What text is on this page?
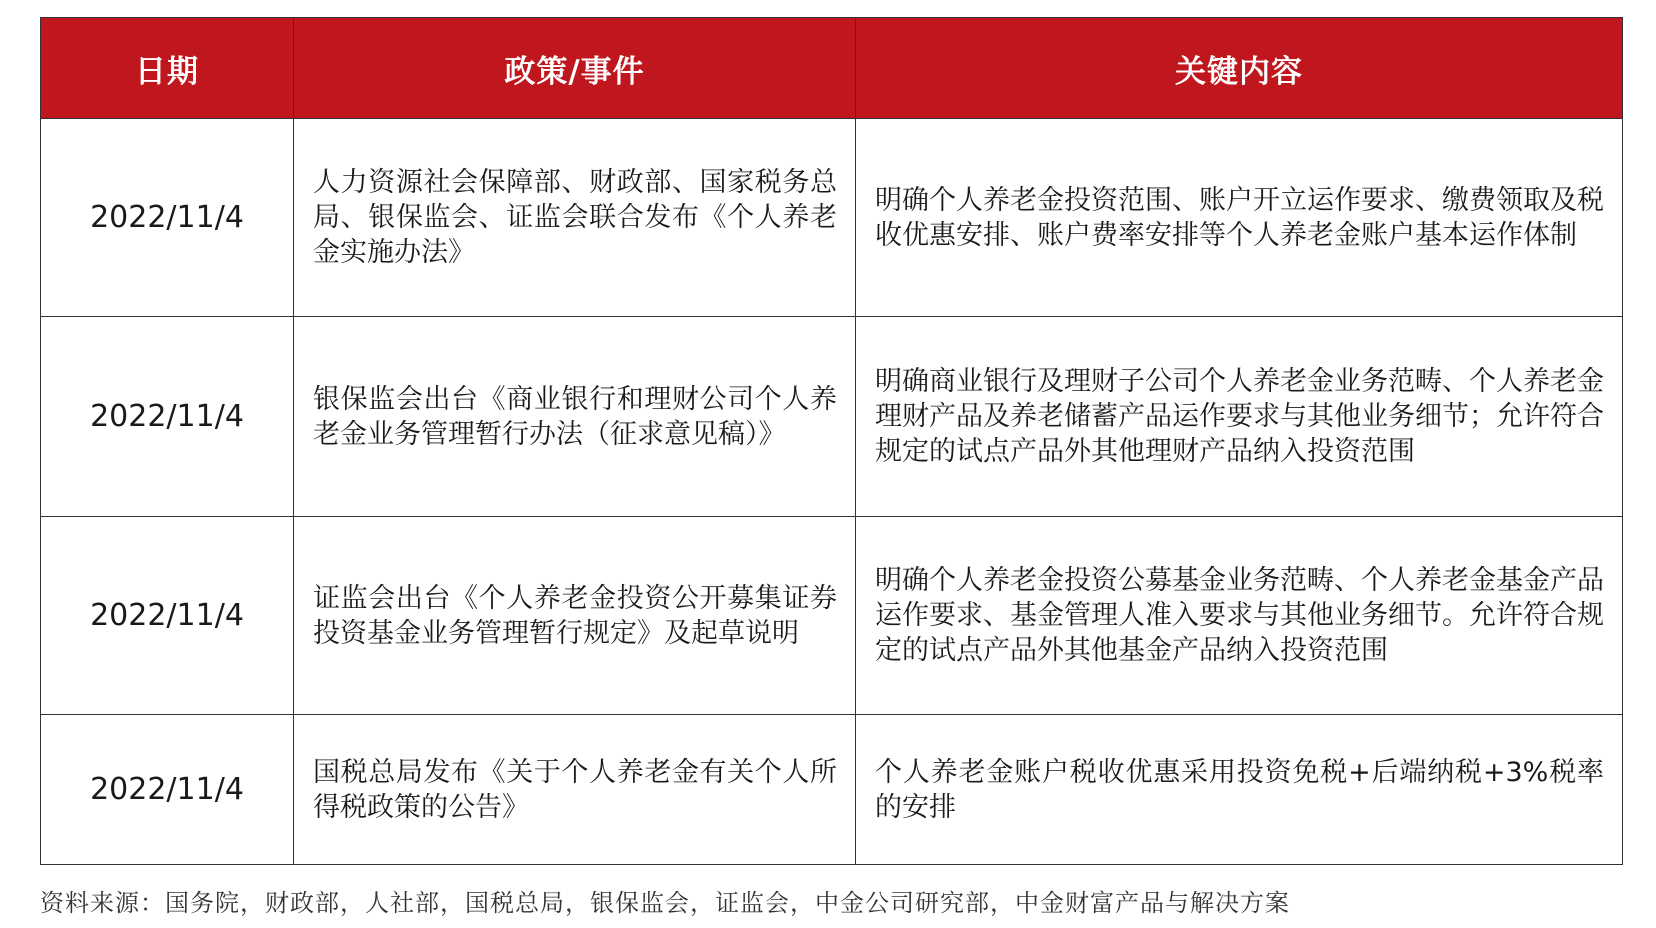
日期	政策/事件	关键内容
2022/11/4	人力资源社会保障部、财政部、国家税务总局、银保监会、证监会联合发布《个人养老金实施办法》	明确个人养老金投资范围、账户开立运作要求、缴费领取及税收优惠安排、账户费率安排等个人养老金账户基本运作体制
2022/11/4	银保监会出台《商业银行和理财公司个人养老金业务管理暂行办法（征求意见稿）》	明确商业银行及理财子公司个人养老金业务范畴、个人养老金理财产品及养老储蓄产品运作要求与其他业务细节；允许符合规定的试点产品外其他理财产品纳入投资范围
2022/11/4	证监会出台《个人养老金投资公开募集证券投资基金业务管理暂行规定》及起草说明	明确个人养老金投资公募基金业务范畴、个人养老金基金产品运作要求、基金管理人准入要求与其他业务细节。允许符合规定的试点产品外其他基金产品纳入投资范围
2022/11/4	国税总局发布《关于个人养老金有关个人所得税政策的公告》	个人养老金账户税收优惠采用投资免税+后端纳税+3%税率的安排
资料来源：国务院，财政部，人社部，国税总局，银保监会，证监会，中金公司研究部，中金财富产品与解决方案
